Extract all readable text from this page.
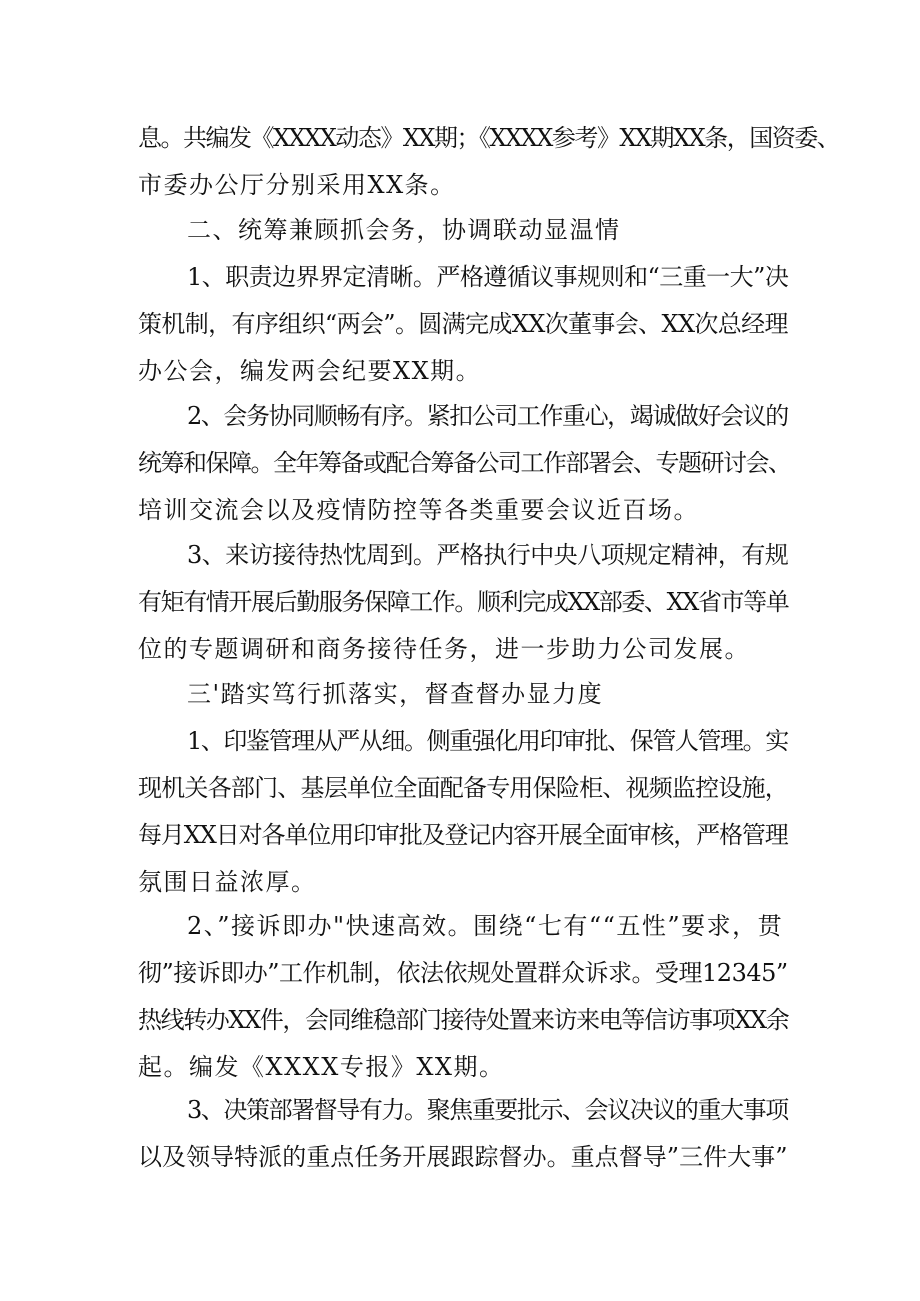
息。共编发《XXXX动态》XX期；《XXXX参考》XX期XX条，国资委、
市委办公厅分别采用XX条。
二、统筹兼顾抓会务，协调联动显温情
1、职责边界界定清晰。严格遵循议事规则和“三重一大”决
策机制，有序组织“两会”。圆满完成XX次董事会、XX次总经理
办公会，编发两会纪要XX期。
2、会务协同顺畅有序。紧扣公司工作重心，竭诚做好会议的
统筹和保障。全年筹备或配合筹备公司工作部署会、专题研讨会、
培训交流会以及疫情防控等各类重要会议近百场。
3、来访接待热忱周到。严格执行中央八项规定精神，有规
有矩有情开展后勤服务保障工作。顺利完成XX部委、XX省市等单
位的专题调研和商务接待任务，进一步助力公司发展。
三'踏实笃行抓落实，督查督办显力度
1、印鉴管理从严从细。侧重强化用印审批、保管人管理。实
现机关各部门、基层单位全面配备专用保险柜、视频监控设施，
每月XX日对各单位用印审批及登记内容开展全面审核，严格管理
氛围日益浓厚。
2、”接诉即办"快速高效。围绕“七有““五性”要求，贯
彻”接诉即办”工作机制，依法依规处置群众诉求。受理12345”
热线转办XX件，会同维稳部门接待处置来访来电等信访事项XX余
起。编发《XXXX专报》XX期。
3、决策部署督导有力。聚焦重要批示、会议决议的重大事项
以及领导特派的重点任务开展跟踪督办。重点督导”三件大事”
